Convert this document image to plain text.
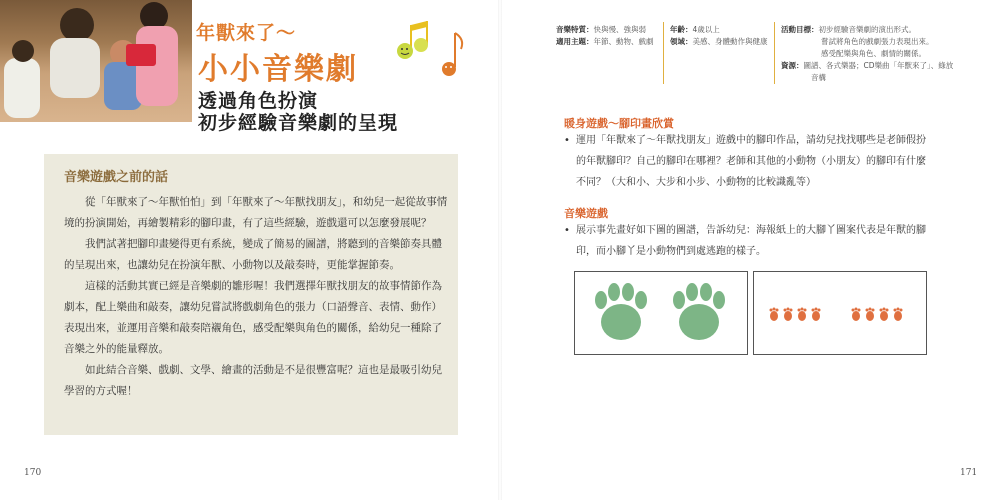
年獸來了～
小小音樂劇
透過角色扮演
初步經驗音樂劇的呈現
音樂遊戲之前的話

從「年獸來了～年獸怕怕」到「年獸來了～年獸找朋友」，和幼兒一起從故事情境的扮演開始，再繪製精彩的腳印畫，有了這些經驗，遊戲還可以怎麼發展呢？

我們試著把腳印畫變得更有系統，變成了簡易的圖譜，將聽到的音樂節奏具體的呈現出來，也讓幼兒在扮演年獸、小動物以及敲奏時，更能掌握節奏。

這樣的活動其實已經是音樂劇的雛形喔！我們選擇年獸找朋友的故事情節作為劇本，配上樂曲和敲奏，讓幼兒嘗試將戲劇角色的張力（口語聲音、表情、動作）表現出來，並運用音樂和敲奏陪襯角色，感受配樂與角色的關係，給幼兒一種除了音樂之外的能量釋放。

如此結合音樂、戲劇、文學、繪畫的活動是不是很豐富呢？這也是最吸引幼兒學習的方式喔！

170
音樂特質：快與慢、強與弱
適用主題：年節、動物、戲劇
年齡：4歲以上
領域：美感、身體動作與健康
活動目標：初步經驗音樂劇的演出形式。
嘗試將角色的戲劇張力表現出來。
感受配樂與角色、劇情的關係。
資源：圖譜、各式樂器；CD樂曲「年獸來了」、綠放
音構
暖身遊戲～腳印畫欣賞
• 運用「年獸來了～年獸找朋友」遊戲中的腳印作品，請幼兒找找哪些是老師假扮
的年獸腳印？自己的腳印在哪裡？老師和其他的小動物（小朋友）的腳印有什麼
不同？（大和小、大步和小步、小動物的比較識亂等）
音樂遊戲
• 展示事先畫好如下圖的圖譜，告訴幼兒：海報紙上的大腳丫圖案代表是年獸的腳
印，而小腳丫是小動物們到處逃跑的樣子。
171
